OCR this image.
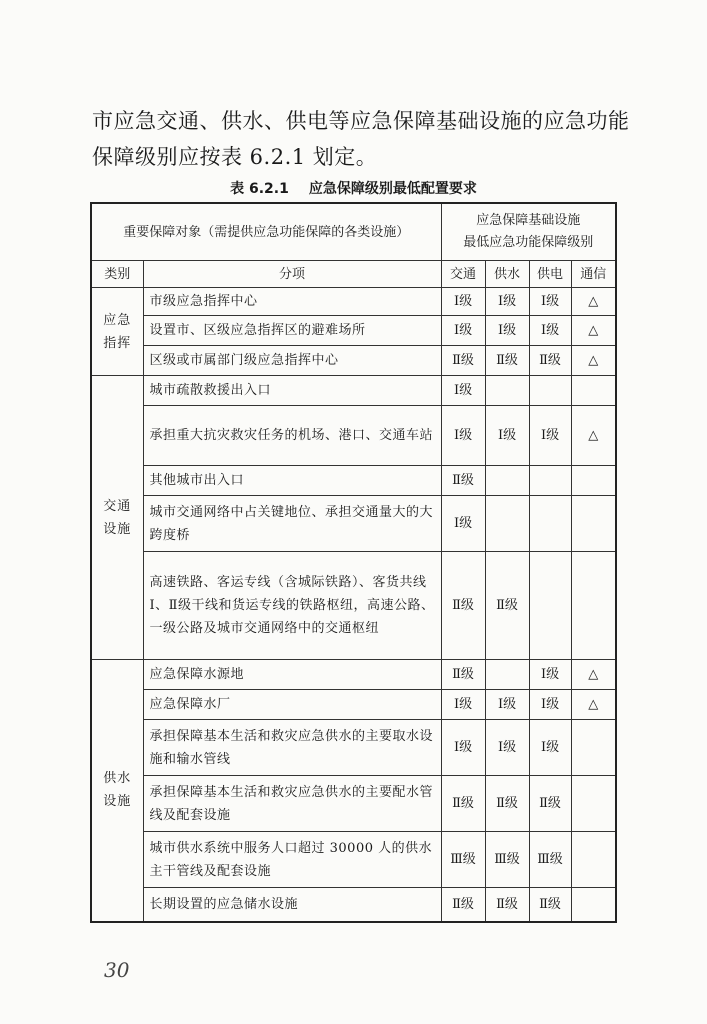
市应急交通、供水、供电等应急保障基础设施的应急功能保障级别应按表 6.2.1 划定。

表 6.2.1 应急保障级别最低配置要求
重要保障对象（需提供应急功能保障的各类设施）		应急保障基础设施
最低应急功能保障级别			

类别	分项	交通	供水	供电	通信

应急
指挥	市级应急指挥中心	Ⅰ级	Ⅰ级	Ⅰ级	△
	设置市、区级应急指挥区的避难场所	Ⅰ级	Ⅰ级	Ⅰ级	△
	区级或市属部门级应急指挥中心	Ⅱ级	Ⅱ级	Ⅱ级	△

交通
设施	城市疏散救援出入口	Ⅰ级			
	承担重大抗灾救灾任务的机场、港口、交通车站	Ⅰ级	Ⅰ级	Ⅰ级	△
	其他城市出入口	Ⅱ级			
	城市交通网络中占关键地位、承担交通量大的大跨度桥	Ⅰ级			
	高速铁路、客运专线（含城际铁路）、客货共线Ⅰ、Ⅱ级干线和货运专线的铁路枢纽，高速公路、一级公路及城市交通网络中的交通枢纽	Ⅱ级	Ⅱ级		

供水
设施	应急保障水源地	Ⅱ级		Ⅰ级	△
	应急保障水厂	Ⅰ级	Ⅰ级	Ⅰ级	△
	承担保障基本生活和救灾应急供水的主要取水设施和输水管线	Ⅰ级	Ⅰ级	Ⅰ级	
	承担保障基本生活和救灾应急供水的主要配水管线及配套设施	Ⅱ级	Ⅱ级	Ⅱ级	
	城市供水系统中服务人口超过 30000 人的供水主干管线及配套设施	Ⅲ级	Ⅲ级	Ⅲ级	
	长期设置的应急储水设施	Ⅱ级	Ⅱ级	Ⅱ级	
30
